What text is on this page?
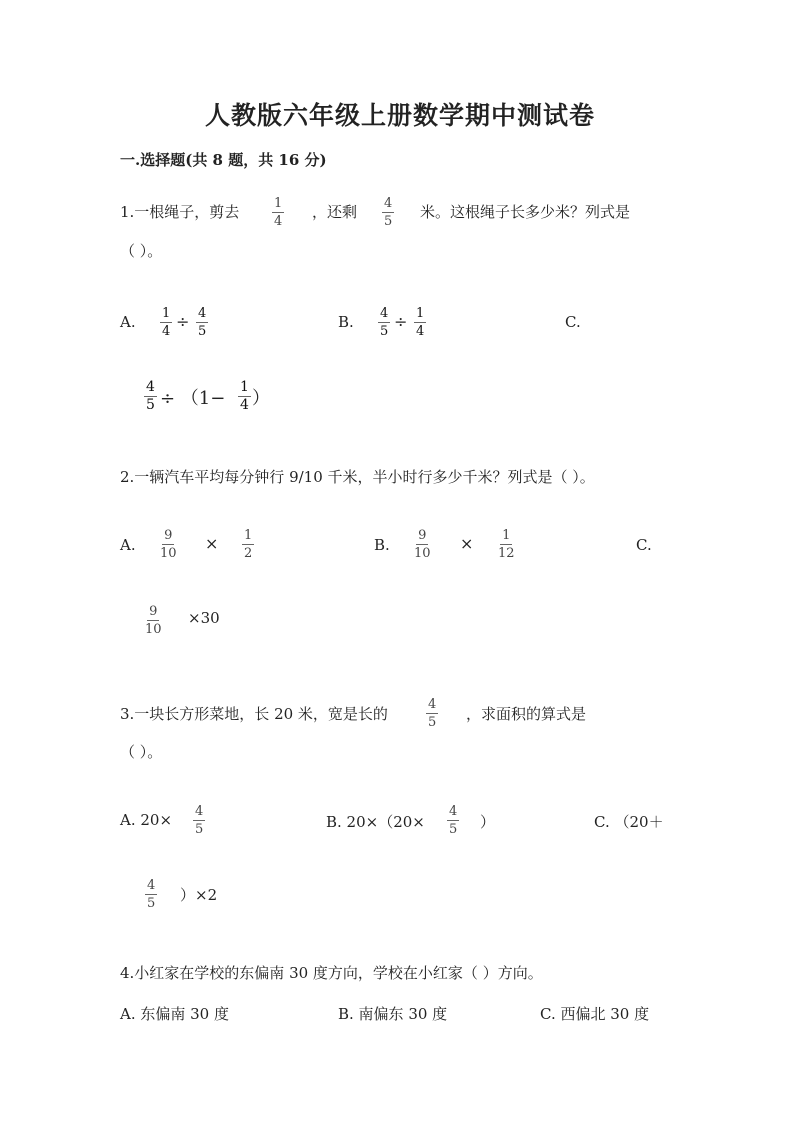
人教版六年级上册数学期中测试卷
一.选择题(共 8 题，共 16 分)
1.一根绳子，剪去	$\frac{1}{4}$ ，还剩 $\frac{4}{5}$ 米。这根绳子长多少米？列式是
（ ）。
A. $\frac{1}{4} \div \frac{4}{5}$	B. $\frac{4}{5} \div \frac{1}{4}$	C.
$\frac{4}{5} \div (1- \frac{1}{4}$ ）
2.一辆汽车平均每分钟行 9/10 千米，半小时行多少千米？列式是（ ）。
A. $\frac{9}{10} \times \frac{1}{2}$	B. $\frac{9}{10} \times \frac{1}{12}$	C.
$\frac{9}{10} \times 30$
3.一块长方形菜地，长 20 米，宽是长的	$\frac{4}{5}$ ，求面积的算式是
（ ）。
A. $20\times \frac{4}{5}$	B. $20\times(20\times \frac{4}{5}$ ）	C. （20＋
$\frac{4}{5} )\times 2$
4.小红家在学校的东偏南 30 度方向，学校在小红家（ ）方向。
A. 东偏南 30 度	B. 南偏东 30 度	C. 西偏北 30 度
